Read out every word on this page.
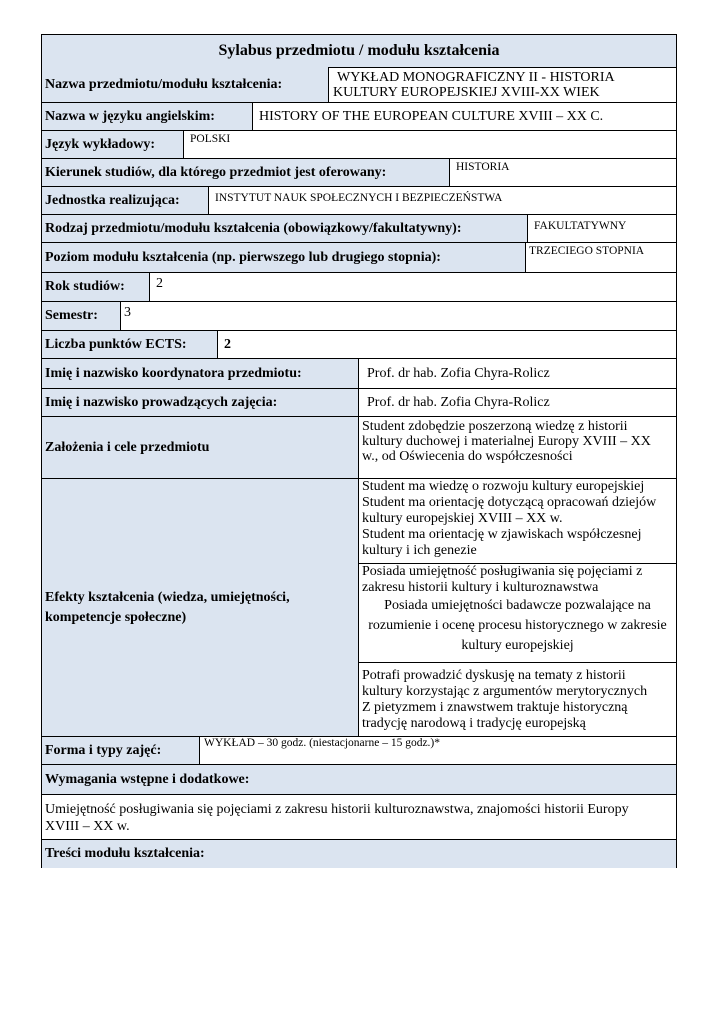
Sylabus przedmiotu / modułu kształcenia
Nazwa przedmiotu/modułu kształcenia:	WYKŁAD MONOGRAFICZNY II - HISTORIA
KULTURY EUROPEJSKIEJ XVIII-XX WIEK
Nazwa w języku angielskim:	HISTORY OF THE EUROPEAN CULTURE XVIII – XX C.
Język wykładowy:	POLSKI
Kierunek studiów, dla którego przedmiot jest oferowany:	HISTORIA
Jednostka realizująca:	INSTYTUT NAUK SPOŁECZNYCH I BEZPIECZEŃSTWA
Rodzaj przedmiotu/modułu kształcenia (obowiązkowy/fakultatywny):	FAKULTATYWNY
Poziom modułu kształcenia (np. pierwszego lub drugiego stopnia):	TRZECIEGO STOPNIA
Rok studiów:	2
Semestr:	3
Liczba punktów ECTS:	2
Imię i nazwisko koordynatora przedmiotu:	Prof. dr hab. Zofia Chyra-Rolicz
Imię i nazwisko prowadzących zajęcia:	Prof. dr hab. Zofia Chyra-Rolicz
Założenia i cele przedmiotu
Student zdobędzie poszerzoną wiedzę z historii
kultury duchowej i materialnej Europy XVIII – XX
w., od Oświecenia do współczesności
Efekty kształcenia (wiedza, umiejętności,
kompetencje społeczne)
Student ma wiedzę o rozwoju kultury europejskiej
Student ma orientację dotyczącą opracowań dziejów
kultury europejskiej XVIII – XX w.
Student ma orientację w zjawiskach współczesnej
kultury i ich genezie
Posiada umiejętność posługiwania się pojęciami z
zakresu historii kultury i kulturoznawstwa
Posiada umiejętności badawcze pozwalające na
rozumienie i ocenę procesu historycznego w zakresie
kultury europejskiej
Potrafi prowadzić dyskusję na tematy z historii
kultury korzystając z argumentów merytorycznych
Z pietyzmem i znawstwem traktuje historyczną
tradycję narodową i tradycję europejską
Forma i typy zajęć:	WYKŁAD – 30 godz. (niestacjonarne – 15 godz.)*
Wymagania wstępne i dodatkowe:
Umiejętność posługiwania się pojęciami z zakresu historii kulturoznawstwa, znajomości historii Europy
XVIII – XX w.
Treści modułu kształcenia:
